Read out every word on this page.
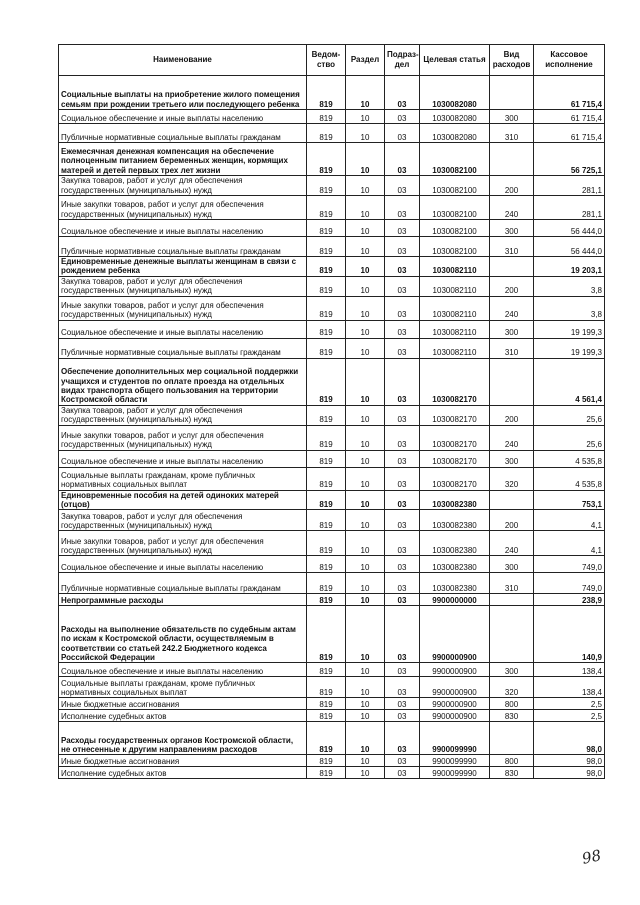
Наименование	Ведом-ство	Раздел	Подраз-дел	Целевая статья	Вид расходов	Кассовое исполнение
Социальные выплаты на приобретение жилого помещения семьям при рождении третьего или последующего ребенка	819	10	03	1030082080		61 715,4
Социальное обеспечение и иные выплаты населению	819	10	03	1030082080	300	61 715,4
Публичные нормативные социальные выплаты гражданам	819	10	03	1030082080	310	61 715,4
Ежемесячная денежная компенсация на обеспечение полноценным питанием беременных женщин, кормящих матерей и детей первых трех лет жизни	819	10	03	1030082100		56 725,1
Закупка товаров, работ и услуг для обеспечения государственных (муниципальных) нужд	819	10	03	1030082100	200	281,1
Иные закупки товаров, работ и услуг для обеспечения государственных (муниципальных) нужд	819	10	03	1030082100	240	281,1
Социальное обеспечение и иные выплаты населению	819	10	03	1030082100	300	56 444,0
Публичные нормативные социальные выплаты гражданам	819	10	03	1030082100	310	56 444,0
Единовременные денежные выплаты женщинам в связи с рождением ребенка	819	10	03	1030082110		19 203,1
Закупка товаров, работ и услуг для обеспечения государственных (муниципальных) нужд	819	10	03	1030082110	200	3,8
Иные закупки товаров, работ и услуг для обеспечения государственных (муниципальных) нужд	819	10	03	1030082110	240	3,8
Социальное обеспечение и иные выплаты населению	819	10	03	1030082110	300	19 199,3
Публичные нормативные социальные выплаты гражданам	819	10	03	1030082110	310	19 199,3
Обеспечение дополнительных мер социальной поддержки учащихся и студентов по оплате проезда на отдельных видах транспорта общего пользования на территории Костромской области	819	10	03	1030082170		4 561,4
Закупка товаров, работ и услуг для обеспечения государственных (муниципальных) нужд	819	10	03	1030082170	200	25,6
Иные закупки товаров, работ и услуг для обеспечения государственных (муниципальных) нужд	819	10	03	1030082170	240	25,6
Социальное обеспечение и иные выплаты населению	819	10	03	1030082170	300	4 535,8
Социальные выплаты гражданам, кроме публичных нормативных социальных выплат	819	10	03	1030082170	320	4 535,8
Единовременные пособия на детей одиноких матерей (отцов)	819	10	03	1030082380		753,1
Закупка товаров, работ и услуг для обеспечения государственных (муниципальных) нужд	819	10	03	1030082380	200	4,1
Иные закупки товаров, работ и услуг для обеспечения государственных (муниципальных) нужд	819	10	03	1030082380	240	4,1
Социальное обеспечение и иные выплаты населению	819	10	03	1030082380	300	749,0
Публичные нормативные социальные выплаты гражданам	819	10	03	1030082380	310	749,0
Непрограммные расходы	819	10	03	9900000000		238,9
Расходы на выполнение обязательств по судебным актам по искам к Костромской области, осуществляемым в соответствии со статьей 242.2 Бюджетного кодекса Российской Федерации	819	10	03	9900000900		140,9
Социальное обеспечение и иные выплаты населению	819	10	03	9900000900	300	138,4
Социальные выплаты гражданам, кроме публичных нормативных социальных выплат	819	10	03	9900000900	320	138,4
Иные бюджетные ассигнования	819	10	03	9900000900	800	2,5
Исполнение судебных актов	819	10	03	9900000900	830	2,5
Расходы государственных органов Костромской области, не отнесенные к другим направлениям расходов	819	10	03	9900099990		98,0
Иные бюджетные ассигнования	819	10	03	9900099990	800	98,0
Исполнение судебных актов	819	10	03	9900099990	830	98,0
98
